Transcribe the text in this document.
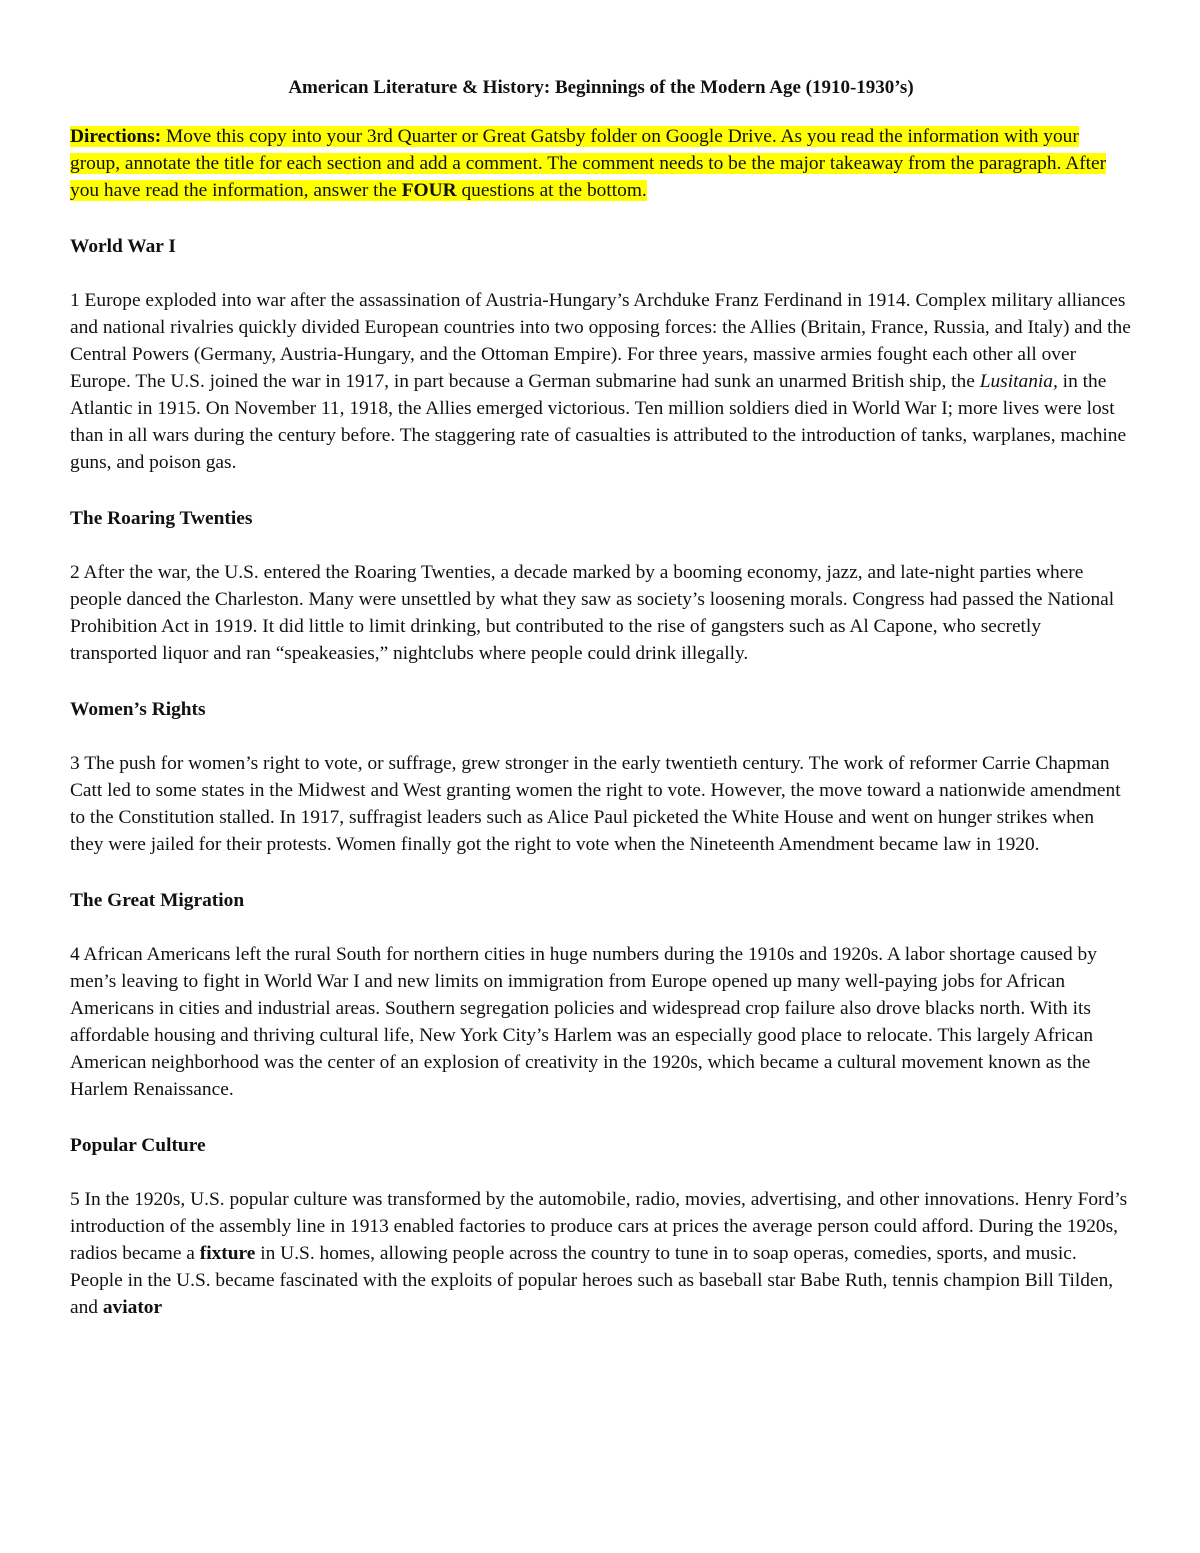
American Literature & History: Beginnings of the Modern Age (1910-1930’s)
Directions: Move this copy into your 3rd Quarter or Great Gatsby folder on Google Drive. As you read the information with your group, annotate the title for each section and add a comment. The comment needs to be the major takeaway from the paragraph. After you have read the information, answer the FOUR questions at the bottom.
World War I
1 Europe exploded into war after the assassination of Austria-Hungary’s Archduke Franz Ferdinand in 1914. Complex military alliances and national rivalries quickly divided European countries into two opposing forces: the Allies (Britain, France, Russia, and Italy) and the Central Powers (Germany, Austria-Hungary, and the Ottoman Empire). For three years, massive armies fought each other all over Europe. The U.S. joined the war in 1917, in part because a German submarine had sunk an unarmed British ship, the Lusitania, in the Atlantic in 1915. On November 11, 1918, the Allies emerged victorious. Ten million soldiers died in World War I; more lives were lost than in all wars during the century before. The staggering rate of casualties is attributed to the introduction of tanks, warplanes, machine guns, and poison gas.
The Roaring Twenties
2 After the war, the U.S. entered the Roaring Twenties, a decade marked by a booming economy, jazz, and late-night parties where people danced the Charleston. Many were unsettled by what they saw as society’s loosening morals. Congress had passed the National Prohibition Act in 1919. It did little to limit drinking, but contributed to the rise of gangsters such as Al Capone, who secretly transported liquor and ran “speakeasies,” nightclubs where people could drink illegally.
Women’s Rights
3 The push for women’s right to vote, or suffrage, grew stronger in the early twentieth century. The work of reformer Carrie Chapman Catt led to some states in the Midwest and West granting women the right to vote. However, the move toward a nationwide amendment to the Constitution stalled. In 1917, suffragist leaders such as Alice Paul picketed the White House and went on hunger strikes when they were jailed for their protests. Women finally got the right to vote when the Nineteenth Amendment became law in 1920.
The Great Migration
4 African Americans left the rural South for northern cities in huge numbers during the 1910s and 1920s. A labor shortage caused by men’s leaving to fight in World War I and new limits on immigration from Europe opened up many well-paying jobs for African Americans in cities and industrial areas. Southern segregation policies and widespread crop failure also drove blacks north. With its affordable housing and thriving cultural life, New York City’s Harlem was an especially good place to relocate. This largely African American neighborhood was the center of an explosion of creativity in the 1920s, which became a cultural movement known as the Harlem Renaissance.
Popular Culture
5 In the 1920s, U.S. popular culture was transformed by the automobile, radio, movies, advertising, and other innovations. Henry Ford’s introduction of the assembly line in 1913 enabled factories to produce cars at prices the average person could afford. During the 1920s, radios became a fixture in U.S. homes, allowing people across the country to tune in to soap operas, comedies, sports, and music. People in the U.S. became fascinated with the exploits of popular heroes such as baseball star Babe Ruth, tennis champion Bill Tilden, and aviator
